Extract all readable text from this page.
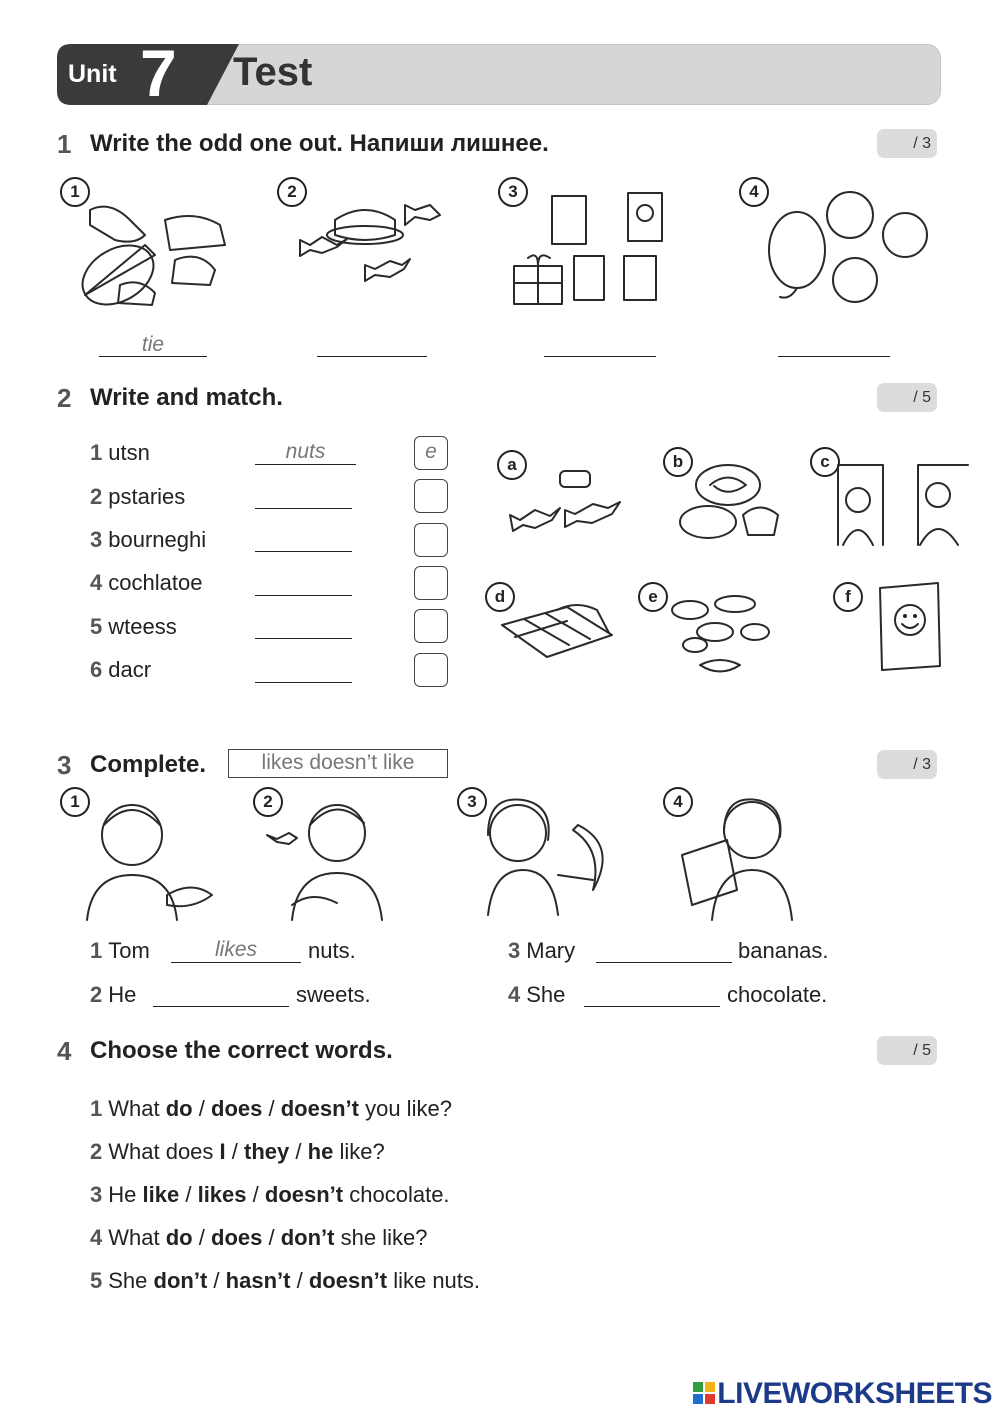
Unit 7 Test
1 Write the odd one out. Напиши лишнее.	/ 3
1	2	3	4
tie
2 Write and match.	/ 5
1 utsn	nuts	e
2 pstaries
3 bourneghi
4 cochlatoe
5 wteess
6 dacr
a	b	c
d	e	f
3 Complete.	likes doesn’t like	/ 3
1	2	3	4
1 Tom	likes	nuts.
2 He	sweets.
3 Mary	bananas.
4 She	chocolate.
4 Choose the correct words.	/ 5
1 What do / does / doesn’t you like?
2 What does I / they / he like?
3 He like / likes / doesn’t chocolate.
4 What do / does / don’t she like?
5 She don’t / hasn’t / doesn’t like nuts.
LIVEWORKSHEETS
